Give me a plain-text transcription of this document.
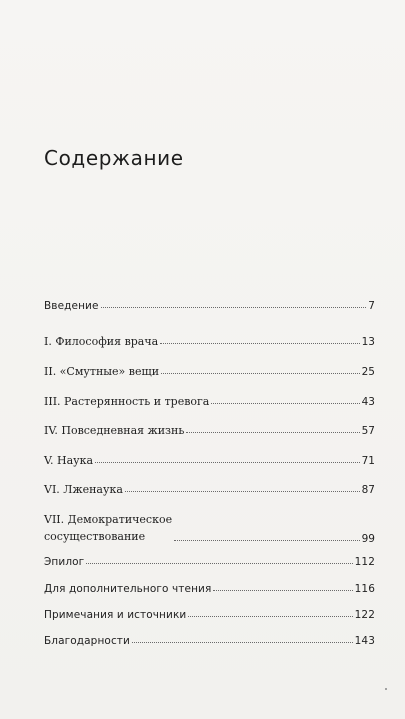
Содержание
Введение	7
I. Философия врача	13
II. «Смутные» вещи	25
III. Растерянность и тревога	43
IV. Повседневная жизнь	57
V. Наука	71
VI. Лженаука	87
VII. Демократическое
сосуществование	99
Эпилог	112
Для дополнительного чтения	116
Примечания и источники	122
Благодарности	143
